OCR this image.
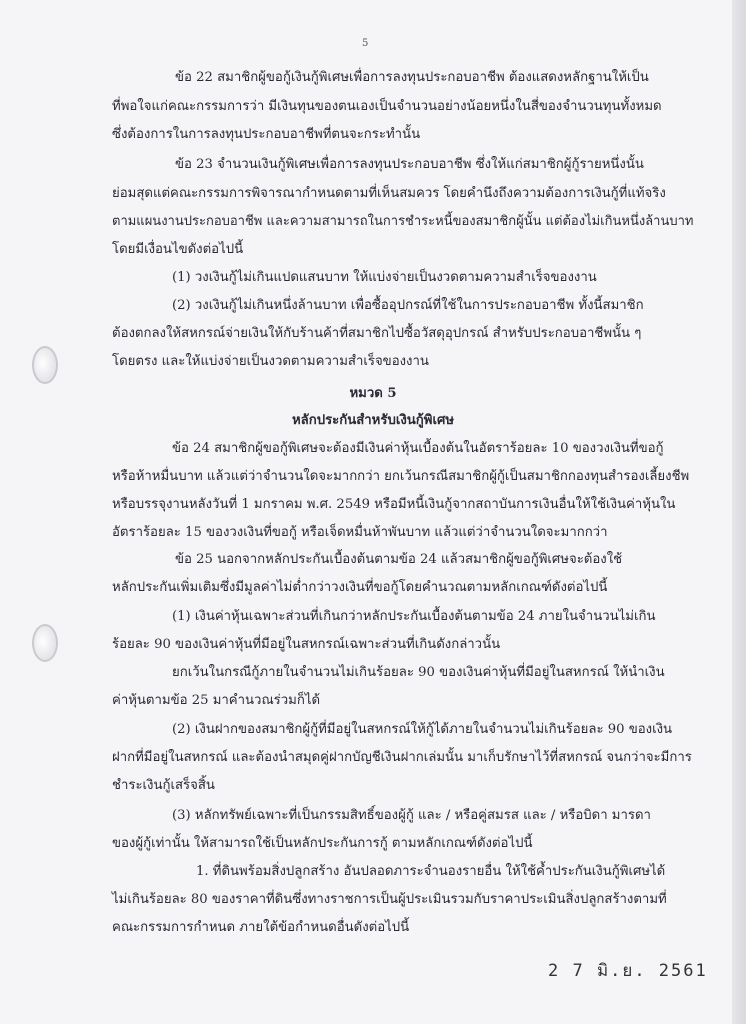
5
ข้อ 22 สมาชิกผู้ขอกู้เงินกู้พิเศษเพื่อการลงทุนประกอบอาชีพ ต้องแสดงหลักฐานให้เป็น
ที่พอใจแก่คณะกรรมการว่า มีเงินทุนของตนเองเป็นจำนวนอย่างน้อยหนึ่งในสี่ของจำนวนทุนทั้งหมด
ซึ่งต้องการในการลงทุนประกอบอาชีพที่ตนจะกระทำนั้น
ข้อ 23 จำนวนเงินกู้พิเศษเพื่อการลงทุนประกอบอาชีพ ซึ่งให้แก่สมาชิกผู้กู้รายหนึ่งนั้น
ย่อมสุดแต่คณะกรรมการพิจารณากำหนดตามที่เห็นสมควร โดยคำนึงถึงความต้องการเงินกู้ที่แท้จริง
ตามแผนงานประกอบอาชีพ และความสามารถในการชำระหนี้ของสมาชิกผู้นั้น แต่ต้องไม่เกินหนึ่งล้านบาท
โดยมีเงื่อนไขดังต่อไปนี้
(1) วงเงินกู้ไม่เกินแปดแสนบาท ให้แบ่งจ่ายเป็นงวดตามความสำเร็จของงาน
(2) วงเงินกู้ไม่เกินหนึ่งล้านบาท เพื่อซื้ออุปกรณ์ที่ใช้ในการประกอบอาชีพ ทั้งนี้สมาชิก
ต้องตกลงให้สหกรณ์จ่ายเงินให้กับร้านค้าที่สมาชิกไปซื้อวัสดุอุปกรณ์ สำหรับประกอบอาชีพนั้น ๆ
โดยตรง และให้แบ่งจ่ายเป็นงวดตามความสำเร็จของงาน
หมวด 5
หลักประกันสำหรับเงินกู้พิเศษ
ข้อ 24 สมาชิกผู้ขอกู้พิเศษจะต้องมีเงินค่าหุ้นเบื้องต้นในอัตราร้อยละ 10 ของวงเงินที่ขอกู้
หรือห้าหมื่นบาท แล้วแต่ว่าจำนวนใดจะมากกว่า ยกเว้นกรณีสมาชิกผู้กู้เป็นสมาชิกกองทุนสำรองเลี้ยงชีพ
หรือบรรจุงานหลังวันที่ 1 มกราคม พ.ศ. 2549 หรือมีหนี้เงินกู้จากสถาบันการเงินอื่นให้ใช้เงินค่าหุ้นใน
อัตราร้อยละ 15 ของวงเงินที่ขอกู้ หรือเจ็ดหมื่นห้าพันบาท แล้วแต่ว่าจำนวนใดจะมากกว่า
ข้อ 25 นอกจากหลักประกันเบื้องต้นตามข้อ 24 แล้วสมาชิกผู้ขอกู้พิเศษจะต้องใช้
หลักประกันเพิ่มเติมซึ่งมีมูลค่าไม่ต่ำกว่าวงเงินที่ขอกู้โดยคำนวณตามหลักเกณฑ์ดังต่อไปนี้
(1) เงินค่าหุ้นเฉพาะส่วนที่เกินกว่าหลักประกันเบื้องต้นตามข้อ 24 ภายในจำนวนไม่เกิน
ร้อยละ 90 ของเงินค่าหุ้นที่มีอยู่ในสหกรณ์เฉพาะส่วนที่เกินดังกล่าวนั้น
ยกเว้นในกรณีกู้ภายในจำนวนไม่เกินร้อยละ 90 ของเงินค่าหุ้นที่มีอยู่ในสหกรณ์ ให้นำเงิน
ค่าหุ้นตามข้อ 25 มาคำนวณร่วมก็ได้
(2) เงินฝากของสมาชิกผู้กู้ที่มีอยู่ในสหกรณ์ให้กู้ได้ภายในจำนวนไม่เกินร้อยละ 90 ของเงิน
ฝากที่มีอยู่ในสหกรณ์ และต้องนำสมุดคู่ฝากบัญชีเงินฝากเล่มนั้น มาเก็บรักษาไว้ที่สหกรณ์ จนกว่าจะมีการ
ชำระเงินกู้เสร็จสิ้น
(3) หลักทรัพย์เฉพาะที่เป็นกรรมสิทธิ์ของผู้กู้ และ / หรือคู่สมรส และ / หรือบิดา มารดา
ของผู้กู้เท่านั้น ให้สามารถใช้เป็นหลักประกันการกู้ ตามหลักเกณฑ์ดังต่อไปนี้
1. ที่ดินพร้อมสิ่งปลูกสร้าง อันปลอดภาระจำนองรายอื่น ให้ใช้ค้ำประกันเงินกู้พิเศษได้
ไม่เกินร้อยละ 80 ของราคาที่ดินซึ่งทางราชการเป็นผู้ประเมินรวมกับราคาประเมินสิ่งปลูกสร้างตามที่
คณะกรรมการกำหนด ภายใต้ข้อกำหนดอื่นดังต่อไปนี้
2 7 มิ.ย. 2561
